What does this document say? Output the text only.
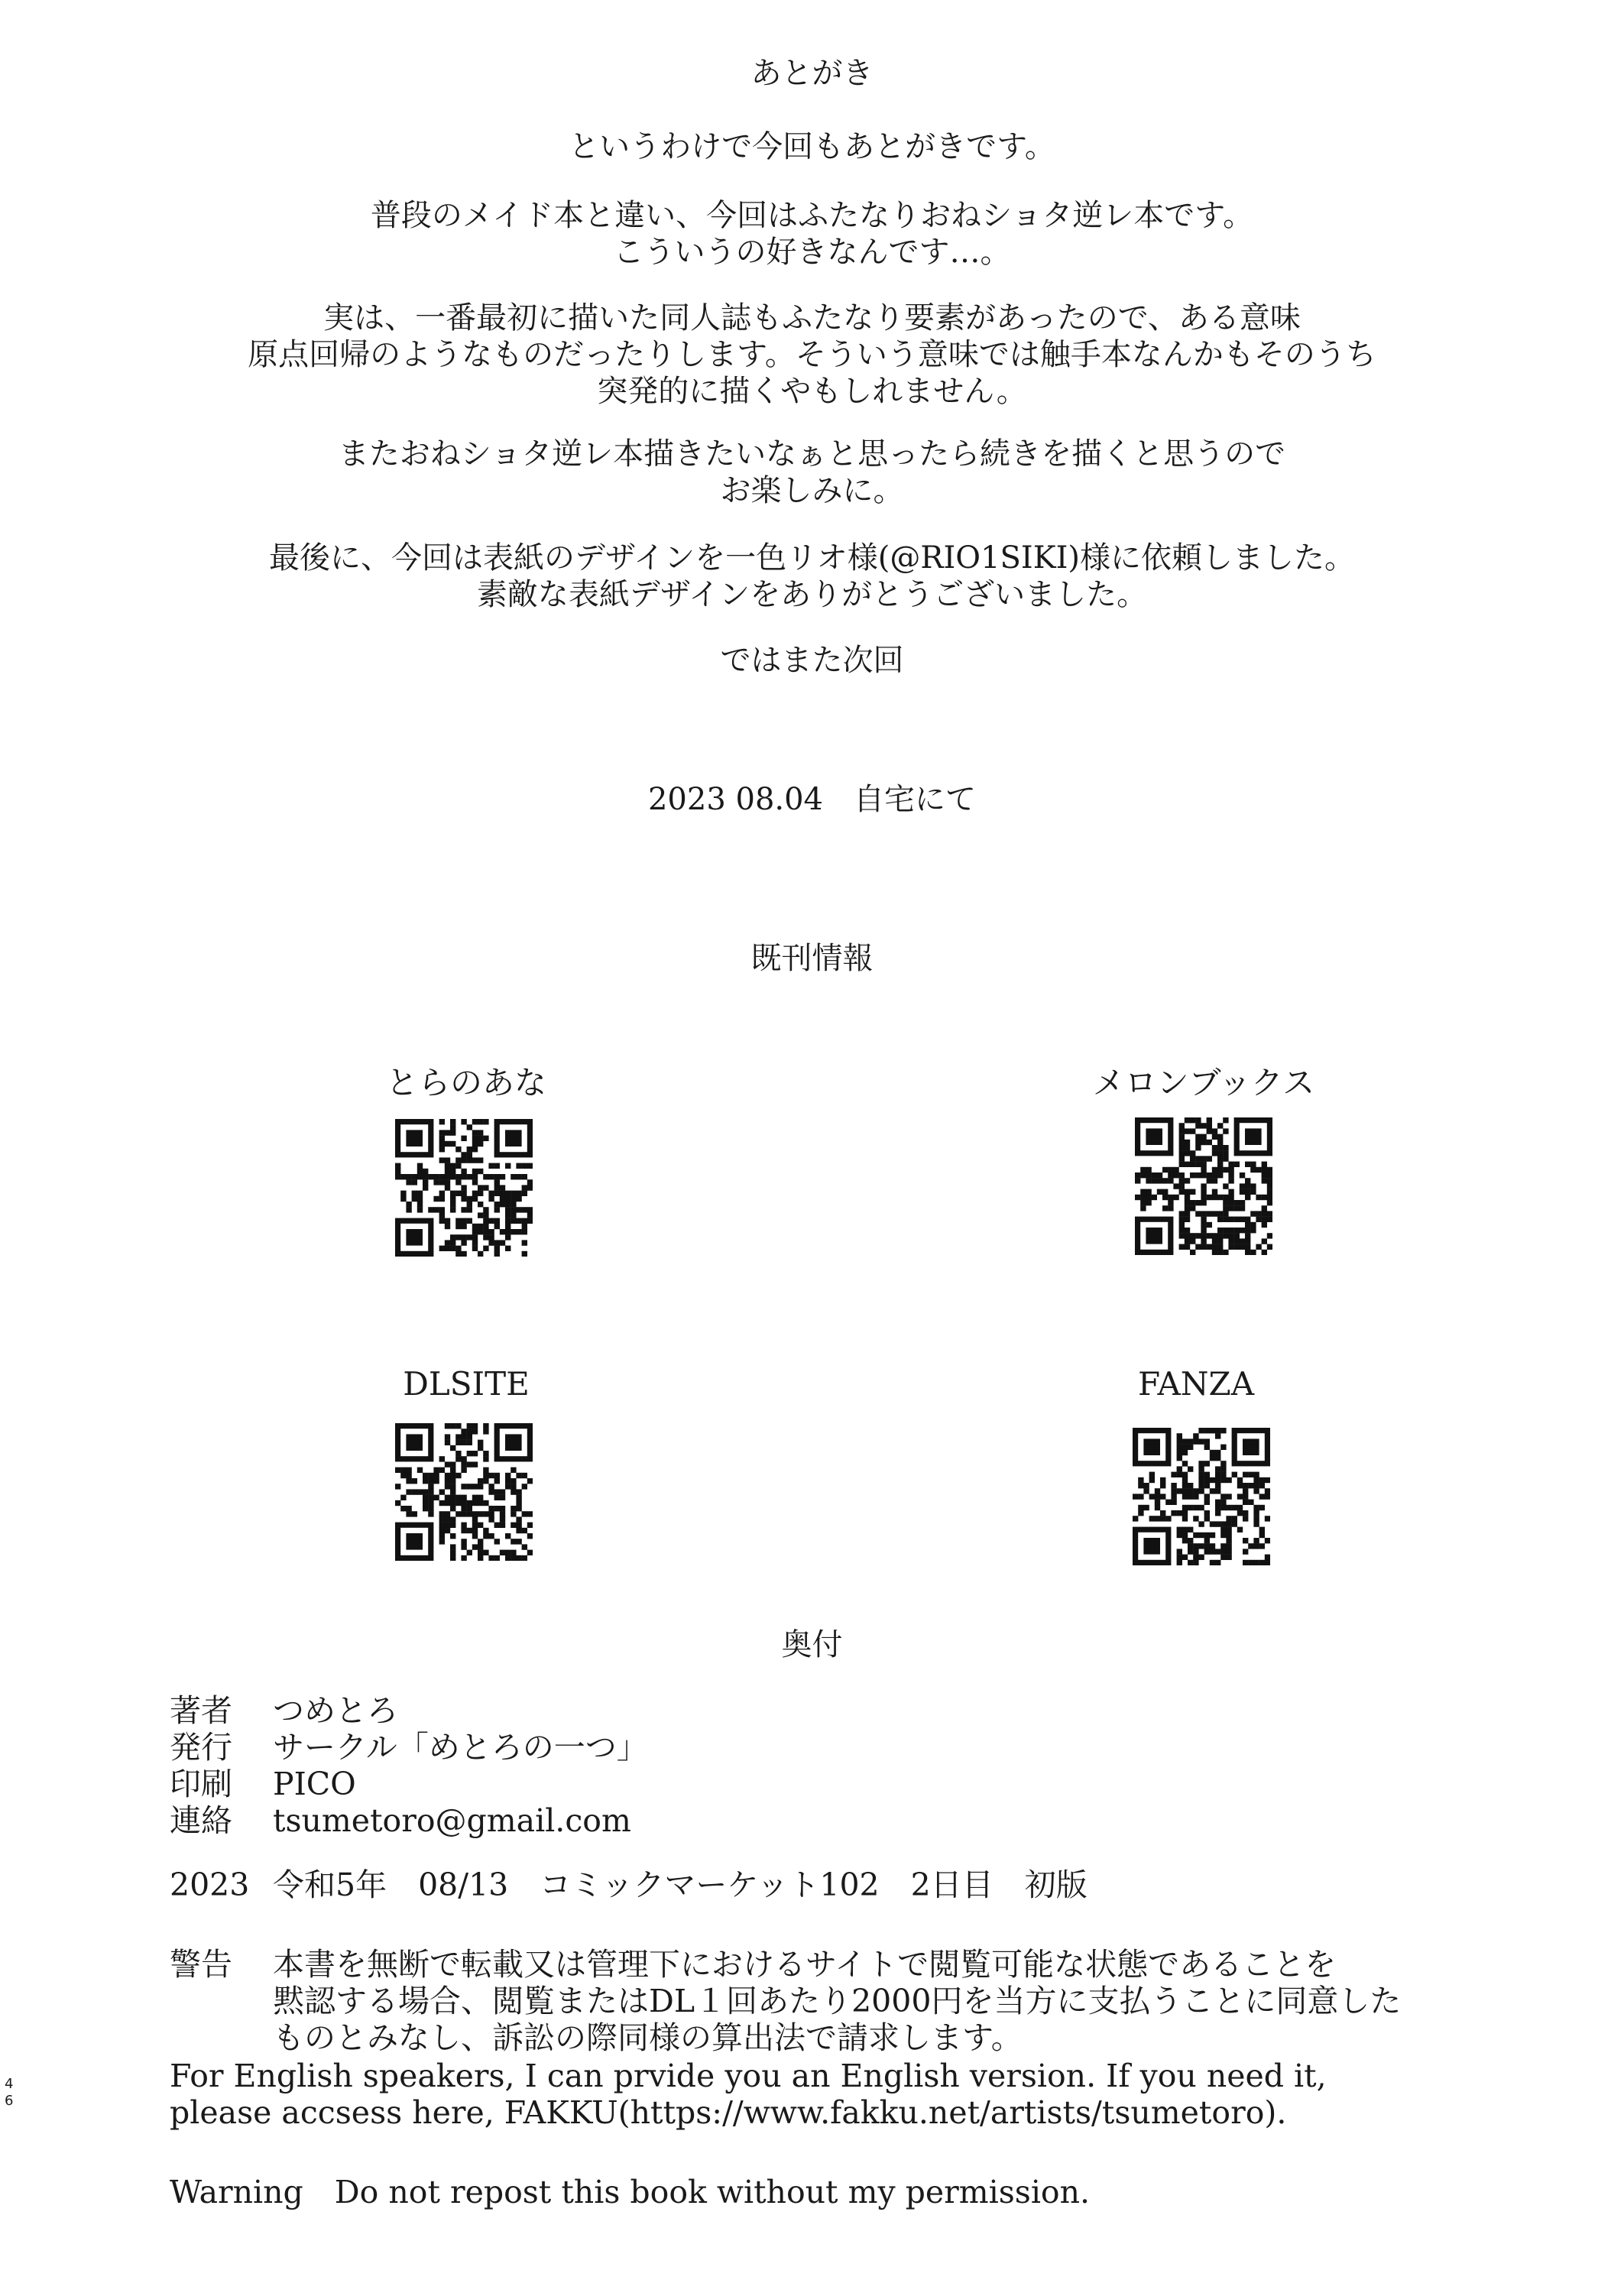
あとがき
というわけで今回もあとがきです。
普段のメイド本と違い、今回はふたなりおねショタ逆レ本です。
こういうの好きなんです…。
実は、一番最初に描いた同人誌もふたなり要素があったので、ある意味
原点回帰のようなものだったりします。そういう意味では触手本なんかもそのうち
突発的に描くやもしれません。
またおねショタ逆レ本描きたいなぁと思ったら続きを描くと思うので
お楽しみに。
最後に、今回は表紙のデザインを一色リオ様(@RIO1SIKI)様に依頼しました。
素敵な表紙デザインをありがとうございました。
ではまた次回
2023 08.04　自宅にて
既刊情報
とらのあな	メロンブックス
DLSITE	FANZA
奥付
著者 つめとろ
発行 サークル「めとろの一つ」
印刷 PICO
連絡 tsumetoro@gmail.com
2023 令和5年　08/13　コミックマーケット102　2日目　初版
警告 本書を無断で転載又は管理下におけるサイトで閲覧可能な状態であることを
黙認する場合、閲覧またはDL１回あたり2000円を当方に支払うことに同意した
ものとみなし、訴訟の際同様の算出法で請求します。
For English speakers, I can prvide you an English version. If you need it,
please accsess here, FAKKU(https://www.fakku.net/artists/tsumetoro).
Warning　Do not repost this book without my permission.
4
6
